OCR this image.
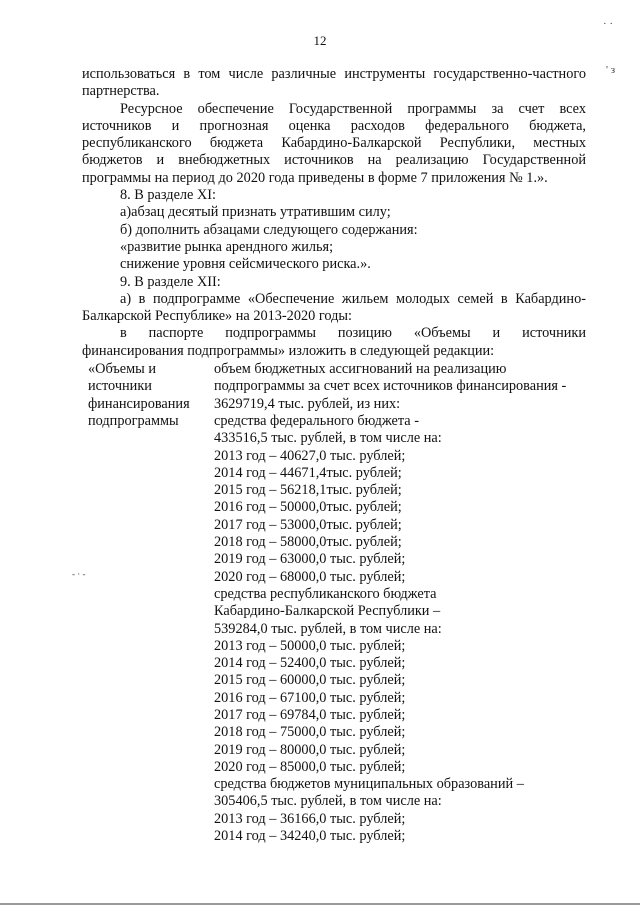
· ·
' з
- · -
12

использоваться в том числе различные инструменты государственно-частного

партнерства.

Ресурсное обеспечение Государственной программы за счет всех

источников и прогнозная оценка расходов федерального бюджета,

республиканского бюджета Кабардино-Балкарской Республики, местных

бюджетов и внебюджетных источников на реализацию Государственной

программы на период до 2020 года приведены в форме 7 приложения № 1.».

8. В разделе XI:

а)абзац десятый признать утратившим силу;

б) дополнить абзацами следующего содержания:

«развитие рынка арендного жилья;

снижение уровня сейсмического риска.».

9. В разделе XII:

а) в подпрограмме «Обеспечение жильем молодых семей в Кабардино-

Балкарской Республике» на 2013-2020 годы:

в паспорте подпрограммы позицию «Объемы и источники

финансирования подпрограммы» изложить в следующей редакции:

«Объемы и
источники
финансирования
подпрограммы
объем бюджетных ассигнований на реализацию
подпрограммы за счет всех источников финансирования -
3629719,4 тыс. рублей, из них:
средства федерального бюджета -
433516,5 тыс. рублей, в том числе на:
2013 год – 40627,0 тыс. рублей;
2014 год – 44671,4тыс. рублей;
2015 год – 56218,1тыс. рублей;
2016 год – 50000,0тыс. рублей;
2017 год – 53000,0тыс. рублей;
2018 год – 58000,0тыс. рублей;
2019 год – 63000,0 тыс. рублей;
2020 год – 68000,0 тыс. рублей;
средства республиканского бюджета
Кабардино-Балкарской Республики –
539284,0 тыс. рублей, в том числе на:
2013 год – 50000,0 тыс. рублей;
2014 год – 52400,0 тыс. рублей;
2015 год – 60000,0 тыс. рублей;
2016 год – 67100,0 тыс. рублей;
2017 год – 69784,0 тыс. рублей;
2018 год – 75000,0 тыс. рублей;
2019 год – 80000,0 тыс. рублей;
2020 год – 85000,0 тыс. рублей;
средства бюджетов муниципальных образований –
305406,5 тыс. рублей, в том числе на:
2013 год – 36166,0 тыс. рублей;
2014 год – 34240,0 тыс. рублей;
